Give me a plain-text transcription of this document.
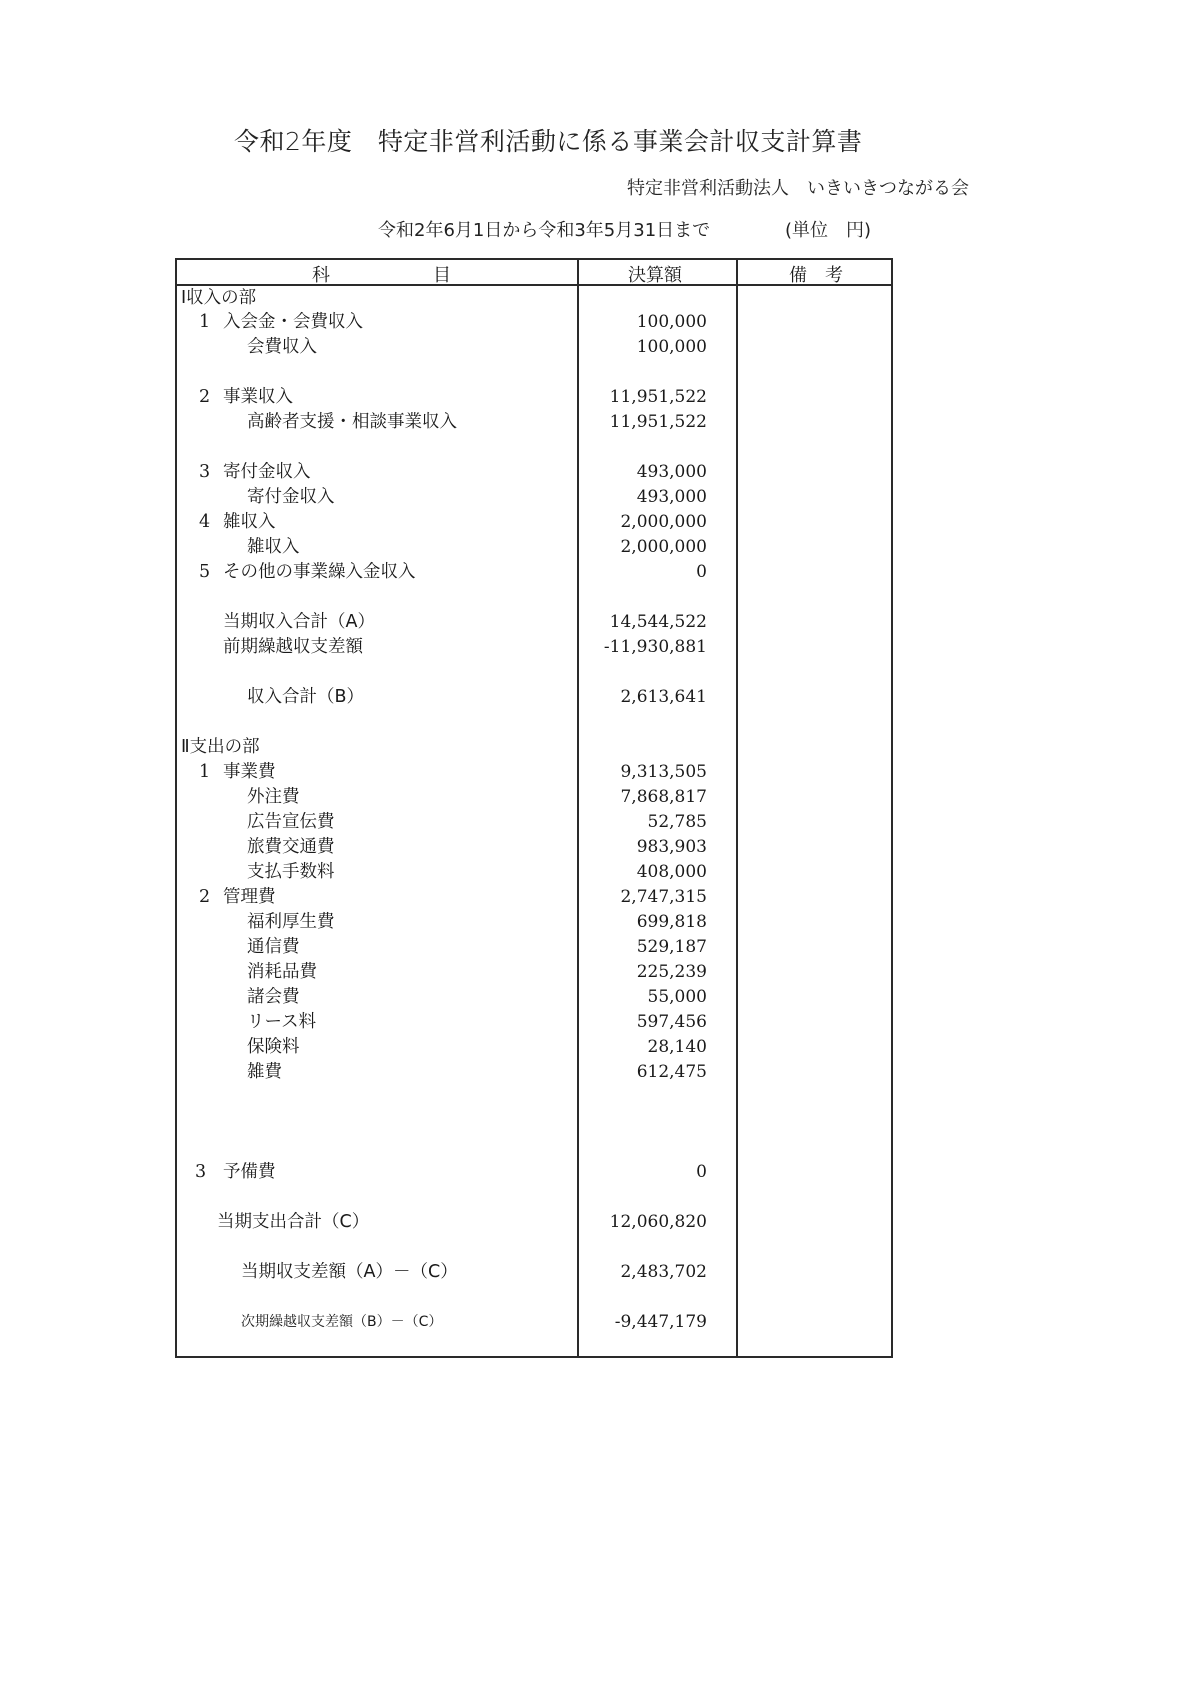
令和2年度　特定非営利活動に係る事業会計収支計算書
特定非営利活動法人　いきいきつながる会
令和2年6月1日から令和3年5月31日まで	(単位　円)
科	目	決算額	備　考
Ⅰ収入の部
1 入会金・会費収入	100,000
会費収入	100,000
2 事業収入	11,951,522
高齢者支援・相談事業収入	11,951,522
3 寄付金収入	493,000
寄付金収入	493,000
4 雑収入	2,000,000
雑収入	2,000,000
5 その他の事業繰入金収入	0
当期収入合計（A）	14,544,522
前期繰越収支差額	-11,930,881
収入合計（B）	2,613,641
Ⅱ支出の部
1 事業費	9,313,505
外注費	7,868,817
広告宣伝費	52,785
旅費交通費	983,903
支払手数料	408,000
2 管理費	2,747,315
福利厚生費	699,818
通信費	529,187
消耗品費	225,239
諸会費	55,000
リース料	597,456
保険料	28,140
雑費	612,475
3 予備費	0
当期支出合計（C）	12,060,820
当期収支差額（A）－（C）	2,483,702
次期繰越収支差額（B）－（C）	-9,447,179
